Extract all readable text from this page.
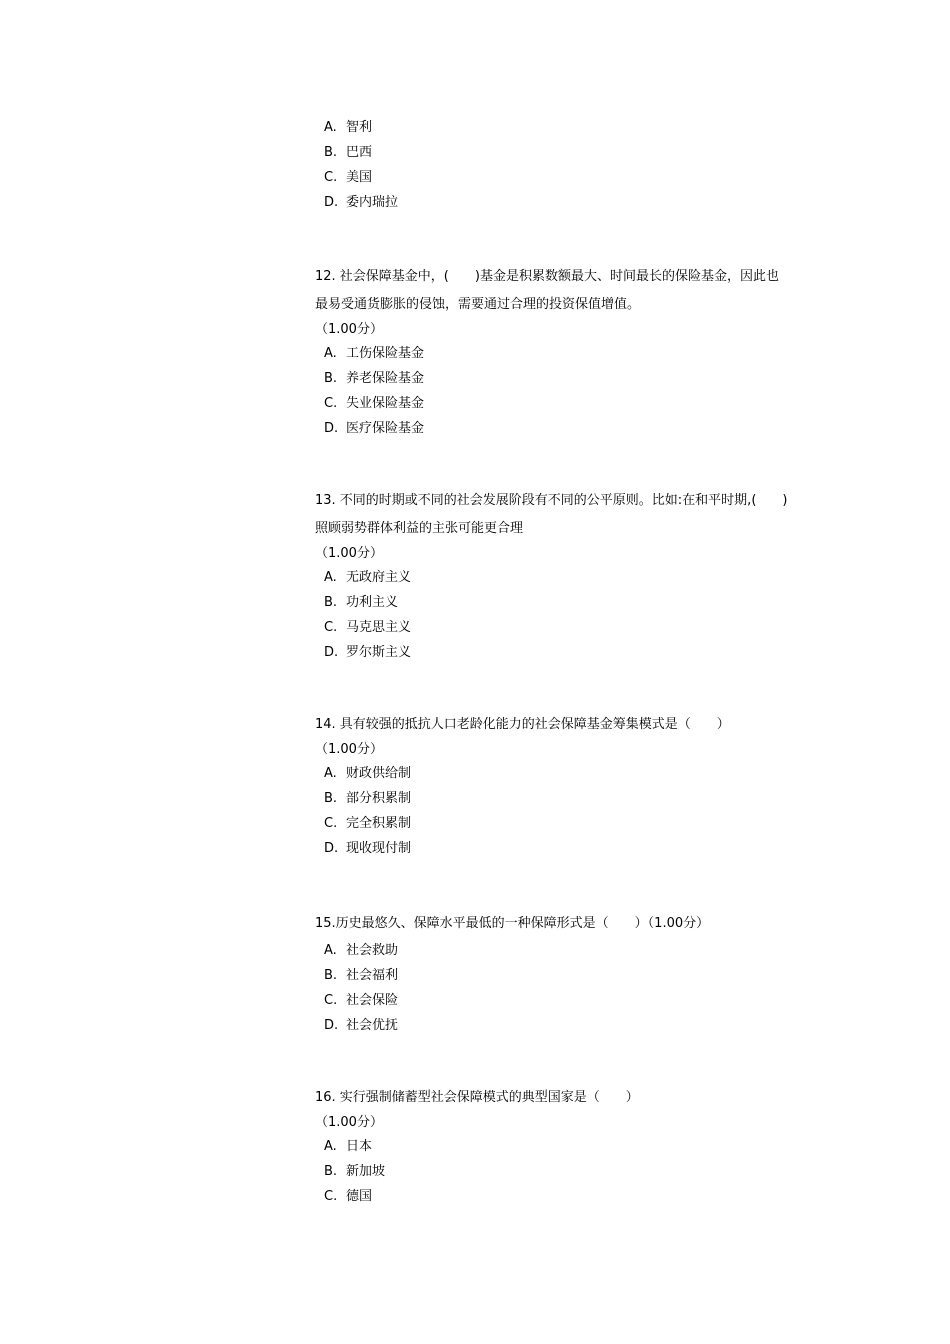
A. 智利
B. 巴西
C. 美国
D. 委内瑞拉
12. 社会保障基金中，(　　)基金是积累数额最大、时间最长的保险基金，因此也
最易受通货膨胀的侵蚀，需要通过合理的投资保值增值。
（1.00分）
A. 工伤保险基金
B. 养老保险基金
C. 失业保险基金
D. 医疗保险基金
13. 不同的时期或不同的社会发展阶段有不同的公平原则。比如:在和平时期,(　　)
照顾弱势群体利益的主张可能更合理
（1.00分）
A. 无政府主义
B. 功利主义
C. 马克思主义
D. 罗尔斯主义
14. 具有较强的抵抗人口老龄化能力的社会保障基金筹集模式是（　　）
（1.00分）
A. 财政供给制
B. 部分积累制
C. 完全积累制
D. 现收现付制
15.历史最悠久、保障水平最低的一种保障形式是（　　）（1.00分）
A. 社会救助
B. 社会福利
C. 社会保险
D. 社会优抚
16. 实行强制储蓄型社会保障模式的典型国家是（　　）
（1.00分）
A. 日本
B. 新加坡
C. 德国
